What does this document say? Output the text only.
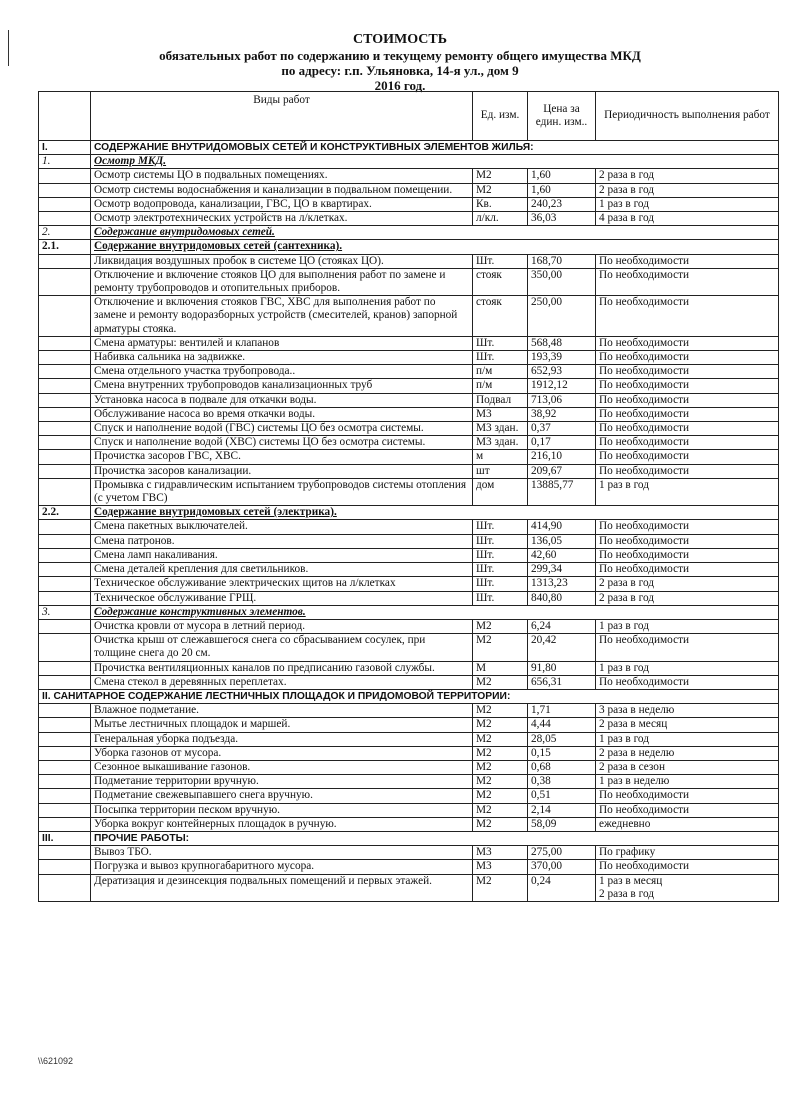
СТОИМОСТЬ
обязательных работ по содержанию и текущему ремонту общего имущества МКД
по адресу: г.п. Ульяновка, 14-я ул., дом 9
2016 год.
	Виды работ	Ед. изм.	Цена за един. изм..	Периодичность выполнения работ
I.	СОДЕРЖАНИЕ ВНУТРИДОМОВЫХ СЕТЕЙ И КОНСТРУКТИВНЫХ ЭЛЕМЕНТОВ ЖИЛЬЯ:			
1.	Осмотр МКД.			
	Осмотр системы ЦО в подвальных помещениях.	М2	1,60	2 раза в год
	Осмотр системы водоснабжения и канализации в подвальном помещении.	М2	1,60	2 раза в год
	Осмотр водопровода, канализации, ГВС, ЦО в квартирах.	Кв.	240,23	1 раз в год
	Осмотр электротехнических устройств на л/клетках.	л/кл.	36,03	4 раза в год
2.	Содержание внутридомовых сетей.			
2.1.	Содержание внутридомовых сетей (сантехника).			
	Ликвидация воздушных пробок в системе ЦО (стояках ЦО).	Шт.	168,70	По необходимости
	Отключение и включение стояков ЦО для выполнения работ по замене и ремонту трубопроводов и отопительных приборов.	стояк	350,00	По необходимости
	Отключение и включения стояков ГВС, ХВС для выполнения работ по замене и ремонту водоразборных устройств (смесителей, кранов) запорной арматуры стояка.	стояк	250,00	По необходимости
	Смена арматуры: вентилей и клапанов	Шт.	568,48	По необходимости
	Набивка сальника на задвижке.	Шт.	193,39	По необходимости
	Смена отдельного участка трубопровода..	п/м	652,93	По необходимости
	Смена внутренних трубопроводов канализационных труб	п/м	1912,12	По необходимости
	Установка насоса в подвале для откачки воды.	Подвал	713,06	По необходимости
	Обслуживание насоса во время откачки воды.	М3	38,92	По необходимости
	Спуск и наполнение водой (ГВС) системы ЦО без осмотра системы.	М3 здан.	0,37	По необходимости
	Спуск и наполнение водой (ХВС) системы ЦО без осмотра системы.	М3 здан.	0,17	По необходимости
	Прочистка засоров ГВС, ХВС.	м	216,10	По необходимости
	Прочистка засоров канализации.	шт	209,67	По необходимости
	Промывка с гидравлическим испытанием трубопроводов системы отопления (с учетом ГВС)	дом	13885,77	1 раз в год
2.2.	Содержание внутридомовых сетей (электрика).			
	Смена пакетных выключателей.	Шт.	414,90	По необходимости
	Смена патронов.	Шт.	136,05	По необходимости
	Смена ламп накаливания.	Шт.	42,60	По необходимости
	Смена деталей крепления для светильников.	Шт.	299,34	По необходимости
	Техническое обслуживание электрических щитов на л/клетках	Шт.	1313,23	2 раза в год
	Техническое обслуживание ГРЩ.	Шт.	840,80	2 раза в год
3.	Содержание конструктивных элементов.			
	Очистка кровли от мусора в летний период.	М2	6,24	1 раз в год
	Очистка крыш от слежавшегося снега со сбрасыванием сосулек, при толщине снега до 20 см.	М2	20,42	По необходимости
	Прочистка вентиляционных каналов по предписанию газовой службы.	М	91,80	1 раз в год
	Смена стекол в деревянных переплетах.	М2	656,31	По необходимости
II. САНИТАРНОЕ СОДЕРЖАНИЕ ЛЕСТНИЧНЫХ ПЛОЩАДОК И ПРИДОМОВОЙ ТЕРРИТОРИИ:				
	Влажное подметание.	М2	1,71	3 раза в неделю
	Мытье лестничных площадок и маршей.	М2	4,44	2 раза в месяц
	Генеральная уборка подъезда.	М2	28,05	1 раз в год
	Уборка газонов от мусора.	М2	0,15	2 раза в неделю
	Сезонное выкашивание газонов.	М2	0,68	2 раза в сезон
	Подметание территории вручную.	М2	0,38	1 раз в неделю
	Подметание свежевыпавшего снега вручную.	М2	0,51	По необходимости
	Посыпка территории песком вручную.	М2	2,14	По необходимости
	Уборка вокруг контейнерных площадок в ручную.	М2	58,09	ежедневно
III.	ПРОЧИЕ РАБОТЫ:			
	Вывоз ТБО.	М3	275,00	По графику
	Погрузка и вывоз крупногабаритного мусора.	М3	370,00	По необходимости
	Дератизация и дезинсекция подвальных помещений и первых этажей.	М2	0,24	1 раз в месяц
2 раза в год
\\621092
